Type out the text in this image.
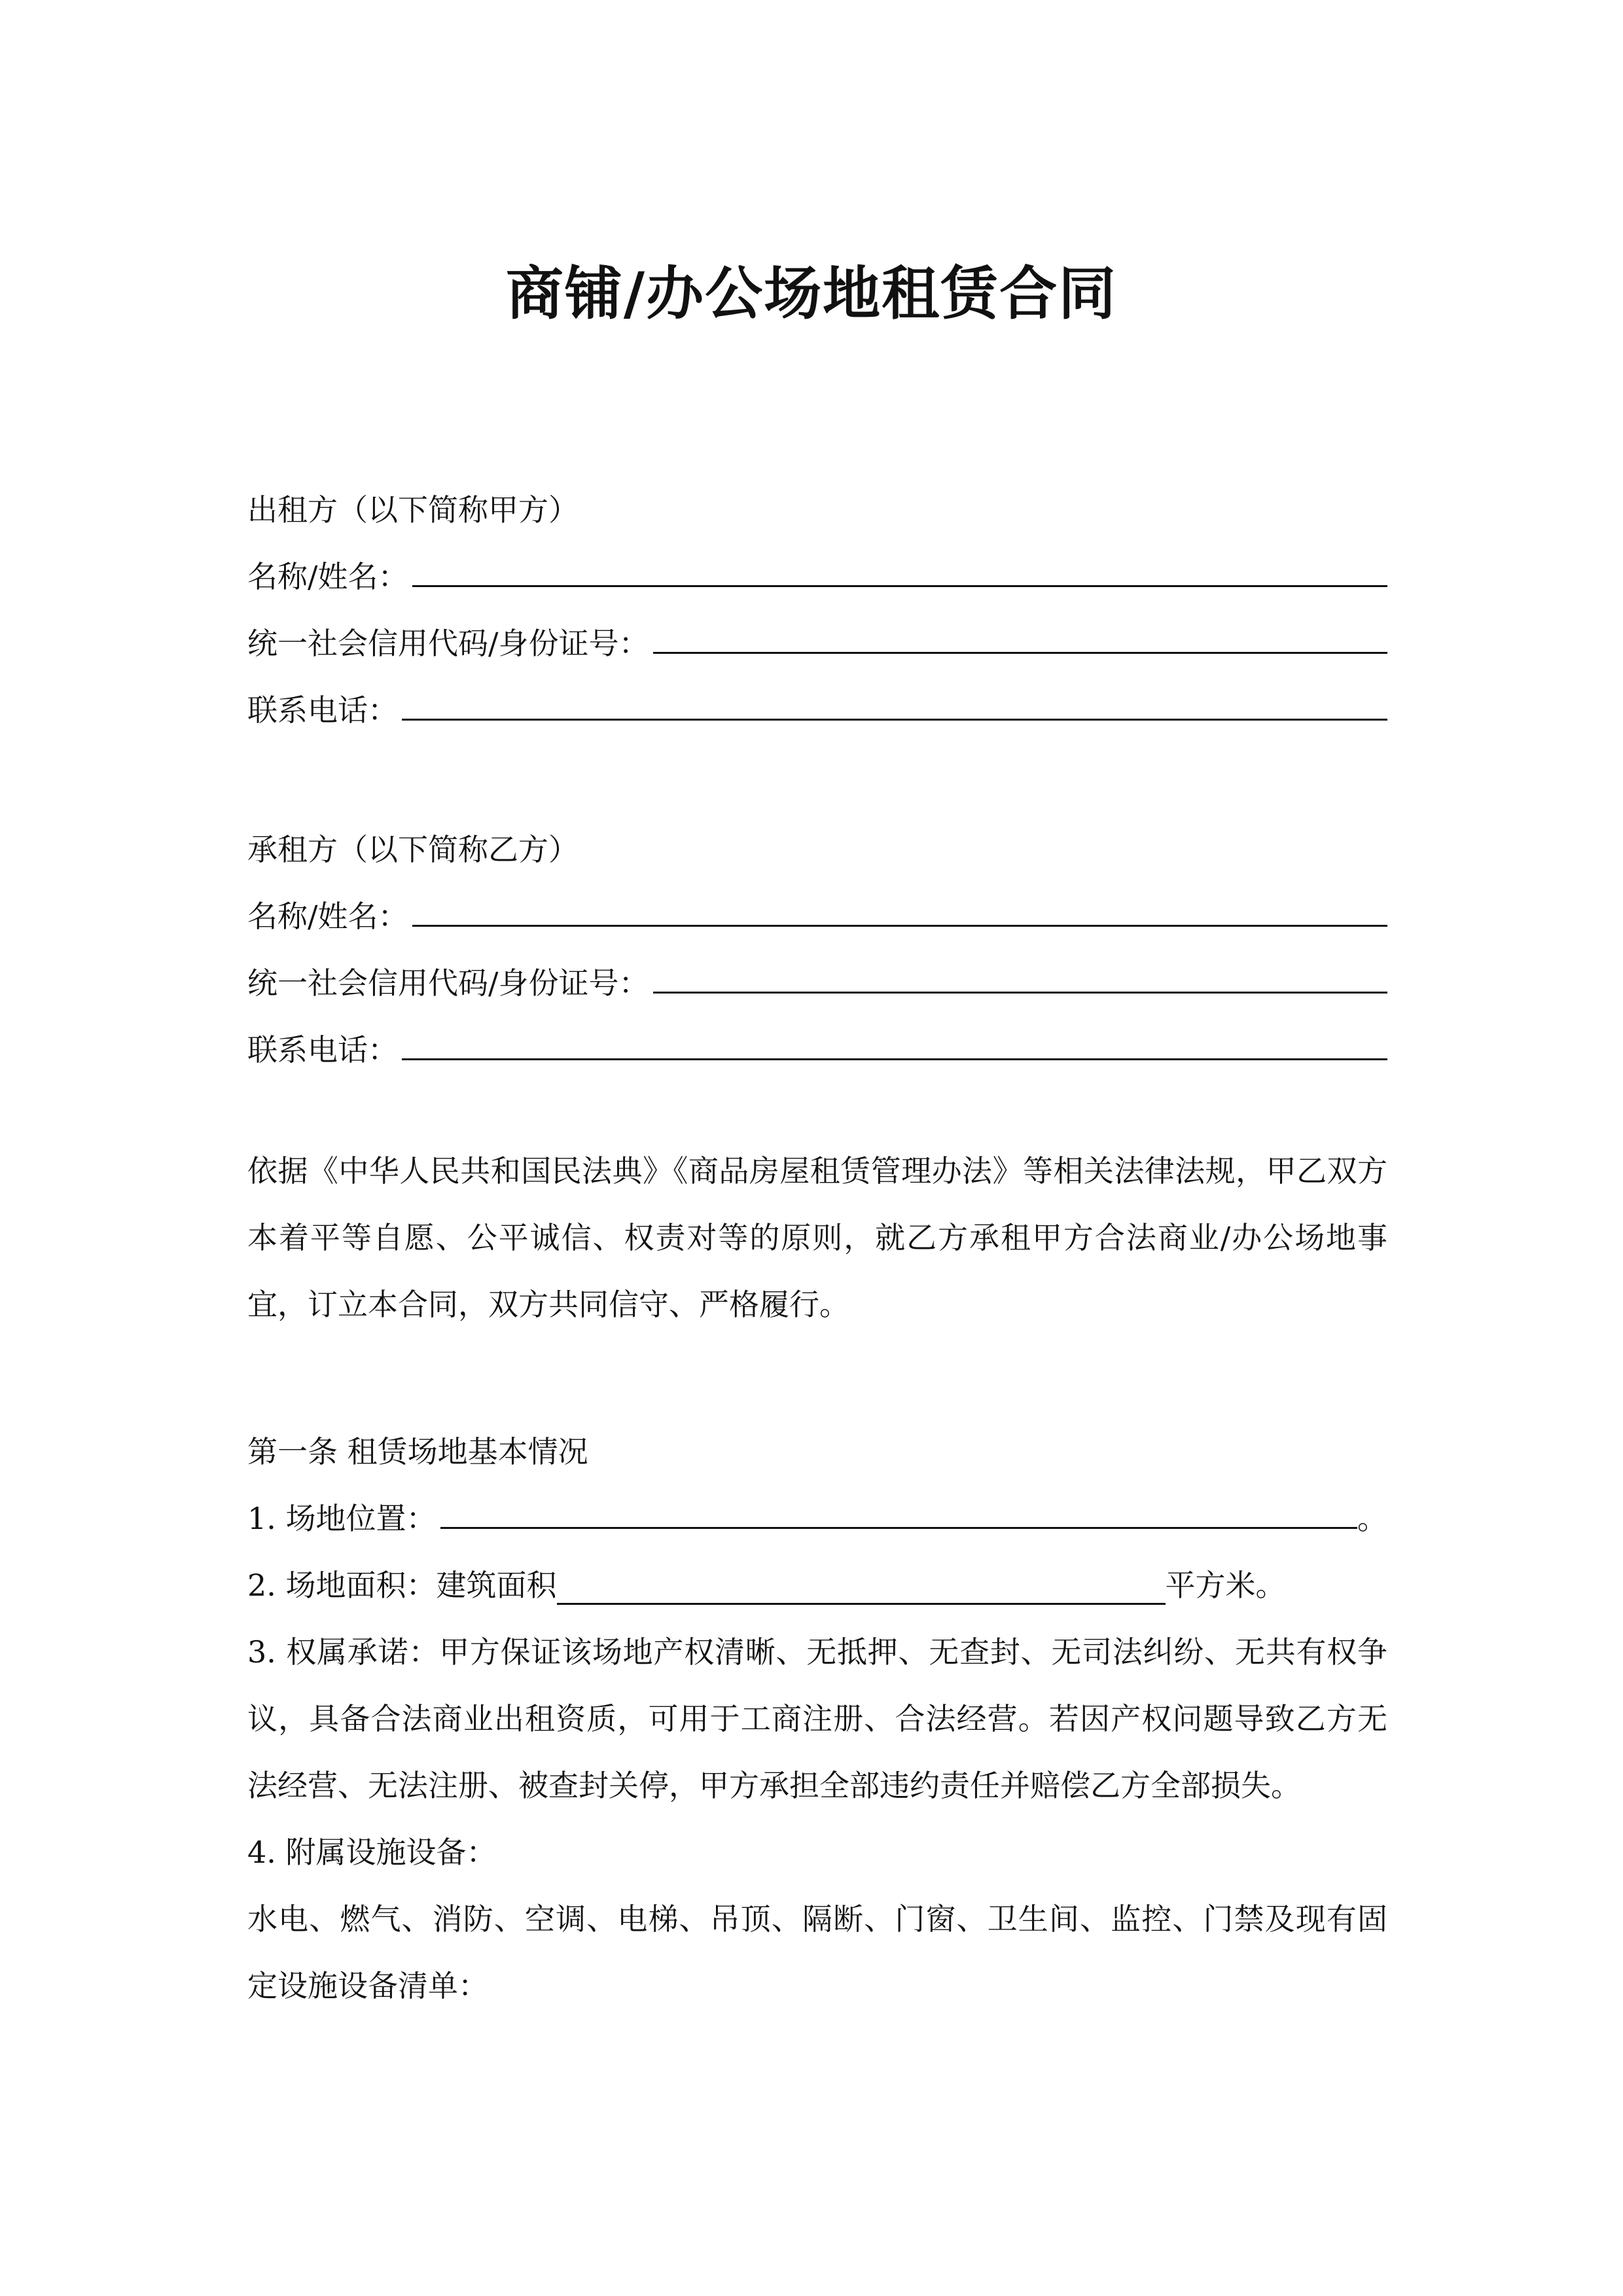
商铺/办公场地租赁合同
出租方（以下简称甲方）
名称/姓名：
统一社会信用代码/身份证号：
联系电话：
承租方（以下简称乙方）
名称/姓名：
统一社会信用代码/身份证号：
联系电话：
依据《中华人民共和国民法典》《商品房屋租赁管理办法》等相关法律法规，甲乙双方本着平等自愿、公平诚信、权责对等的原则，就乙方承租甲方合法商业/办公场地事宜，订立本合同，双方共同信守、严格履行。
第一条 租赁场地基本情况
1. 场地位置：	。
2. 场地面积：建筑面积	平方米。
3. 权属承诺：甲方保证该场地产权清晰、无抵押、无查封、无司法纠纷、无共有权争议，具备合法商业出租资质，可用于工商注册、合法经营。若因产权问题导致乙方无法经营、无法注册、被查封关停，甲方承担全部违约责任并赔偿乙方全部损失。
4. 附属设施设备：
水电、燃气、消防、空调、电梯、吊顶、隔断、门窗、卫生间、监控、门禁及现有固定设施设备清单：
